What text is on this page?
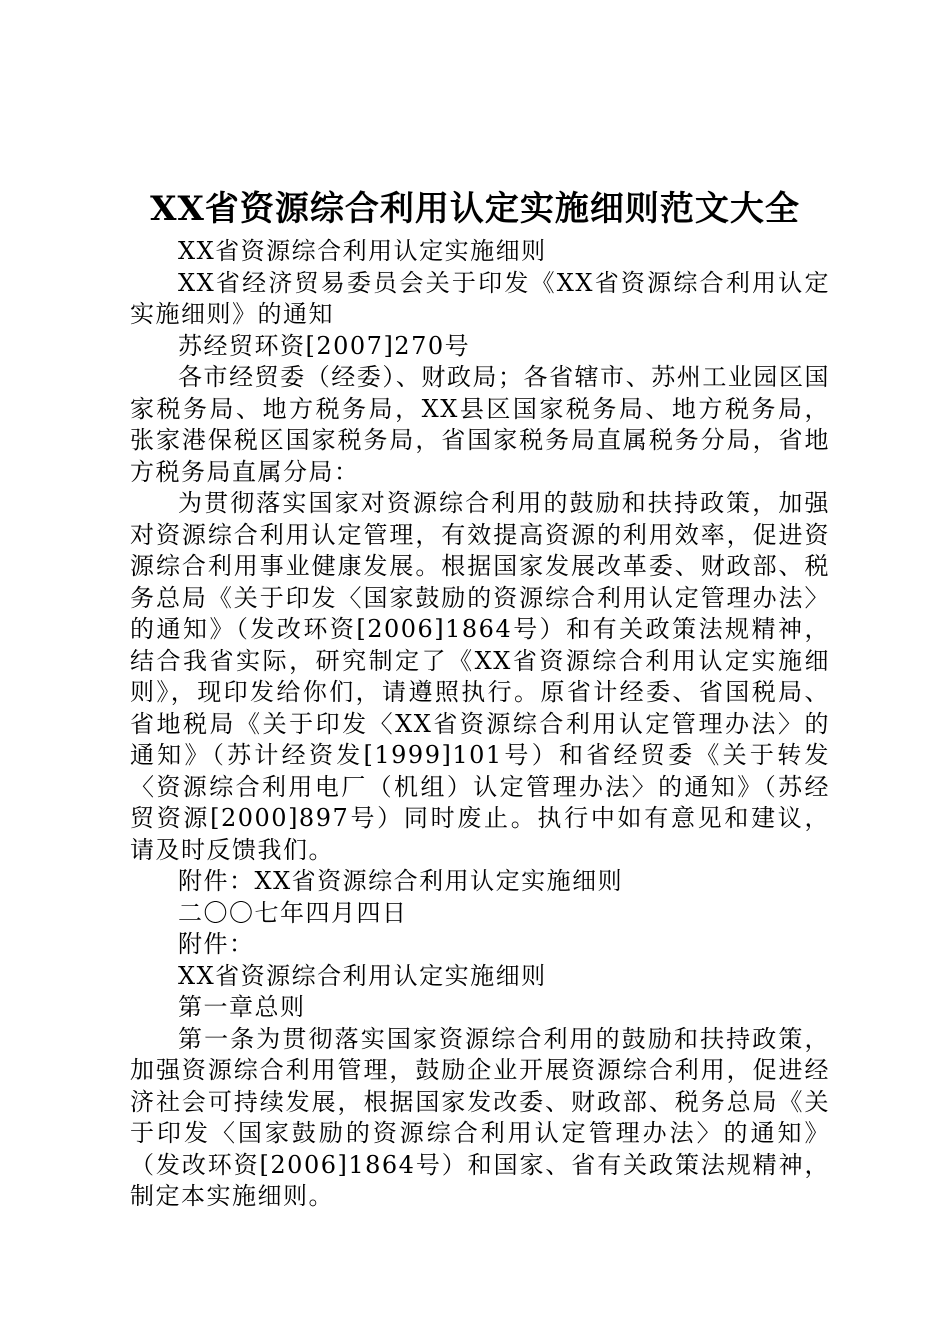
XX省资源综合利用认定实施细则范文大全

XX省资源综合利用认定实施细则

XX省经济贸易委员会关于印发《XX省资源综合利用认定实施细则》的通知

苏经贸环资[2007]270号

各市经贸委（经委）、财政局；各省辖市、苏州工业园区国家税务局、地方税务局，XX县区国家税务局、地方税务局，张家港保税区国家税务局，省国家税务局直属税务分局，省地方税务局直属分局：

为贯彻落实国家对资源综合利用的鼓励和扶持政策，加强对资源综合利用认定管理，有效提高资源的利用效率，促进资源综合利用事业健康发展。根据国家发展改革委、财政部、税务总局《关于印发〈国家鼓励的资源综合利用认定管理办法〉的通知》（发改环资[2006]1864号）和有关政策法规精神，结合我省实际，研究制定了《XX省资源综合利用认定实施细则》，现印发给你们，请遵照执行。原省计经委、省国税局、省地税局《关于印发〈XX省资源综合利用认定管理办法〉的通知》（苏计经资发[1999]101号）和省经贸委《关于转发〈资源综合利用电厂（机组）认定管理办法〉的通知》（苏经贸资源[2000]897号）同时废止。执行中如有意见和建议，请及时反馈我们。

附件：XX省资源综合利用认定实施细则

二〇〇七年四月四日

附件：

XX省资源综合利用认定实施细则

第一章总则

第一条为贯彻落实国家资源综合利用的鼓励和扶持政策，加强资源综合利用管理，鼓励企业开展资源综合利用，促进经济社会可持续发展，根据国家发改委、财政部、税务总局《关于印发〈国家鼓励的资源综合利用认定管理办法〉的通知》（发改环资[2006]1864号）和国家、省有关政策法规精神，制定本实施细则。
